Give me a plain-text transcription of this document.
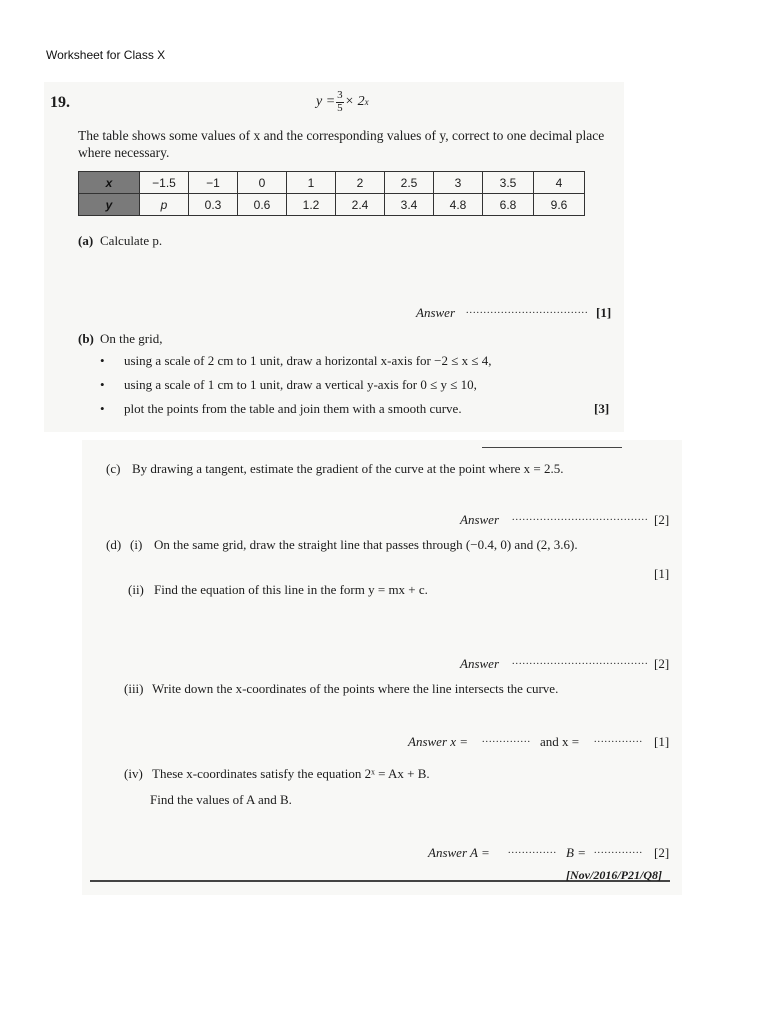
Worksheet for Class X
19.	$y = \frac{3}{5} \times 2$ x
The table shows some values of x and the corresponding values of y, correct to one decimal place where necessary.
x	−1.5	−1	0	1	2	2.5	3	3.5	4
y	p	0.3	0.6	1.2	2.4	3.4	4.8	6.8	9.6
(a) Calculate p.
Answer ................................... [1]
(b) On the grid,
• using a scale of 2 cm to 1 unit, draw a horizontal x-axis for −2 ≤ x ≤ 4,
• using a scale of 1 cm to 1 unit, draw a vertical y-axis for 0 ≤ y ≤ 10,
• plot the points from the table and join them with a smooth curve.	[3]
(c) By drawing a tangent, estimate the gradient of the curve at the point where x = 2.5.
Answer ....................................... [2]
(d) (i) On the same grid, draw the straight line that passes through (−0.4, 0) and (2, 3.6).
[1]
(ii) Find the equation of this line in the form y = mx + c.
Answer ....................................... [2]
(iii) Write down the x-coordinates of the points where the line intersects the curve.
Answer x = .............. and x = .............. [1]
(iv) These x-coordinates satisfy the equation 2ˣ = Ax + B.
Find the values of A and B.
Answer A = .............. B = .............. [2]
[Nov/2016/P21/Q8]
